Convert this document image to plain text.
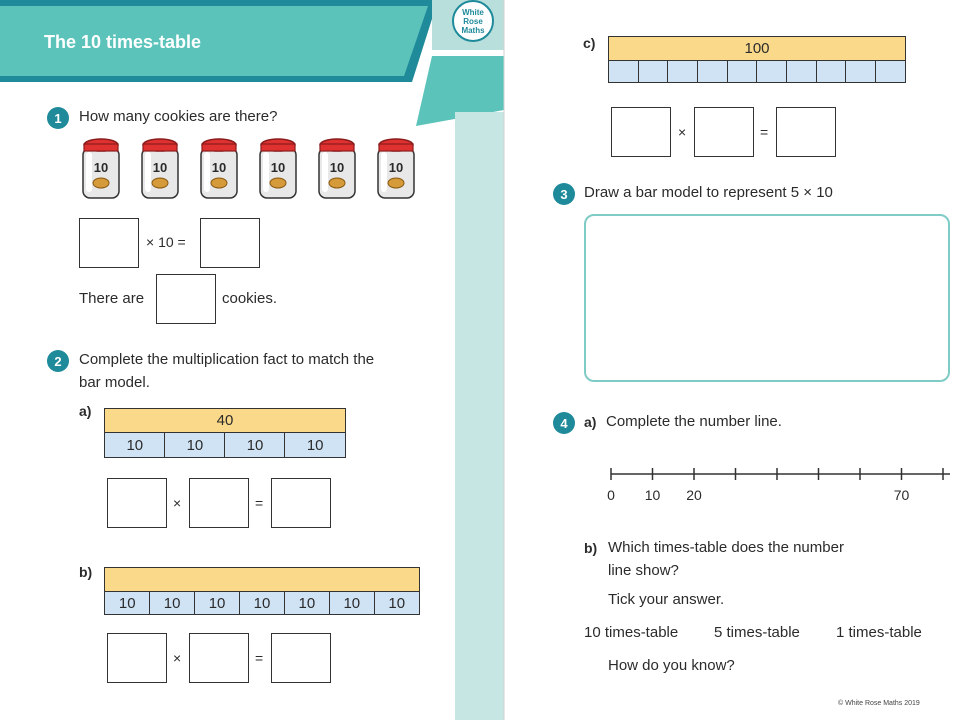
The 10 times-table
White
Rose
Maths
1	How many cookies are there?
10	10	10	10	10	10
× 10 =
There are	cookies.
2	Complete the multiplication fact to match the
bar model.
a)
40
10	10	10	10
×	=
b)
10	10	10	10	10	10	10
×	=
c)	100
×	=
3	Draw a bar model to represent 5 × 10
4	a) Complete the number line.
0 10 20	70
b) Which times-table does the number
line show?
Tick your answer.
10 times-table 5 times-table 1 times-table
How do you know?
© White Rose Maths 2019
